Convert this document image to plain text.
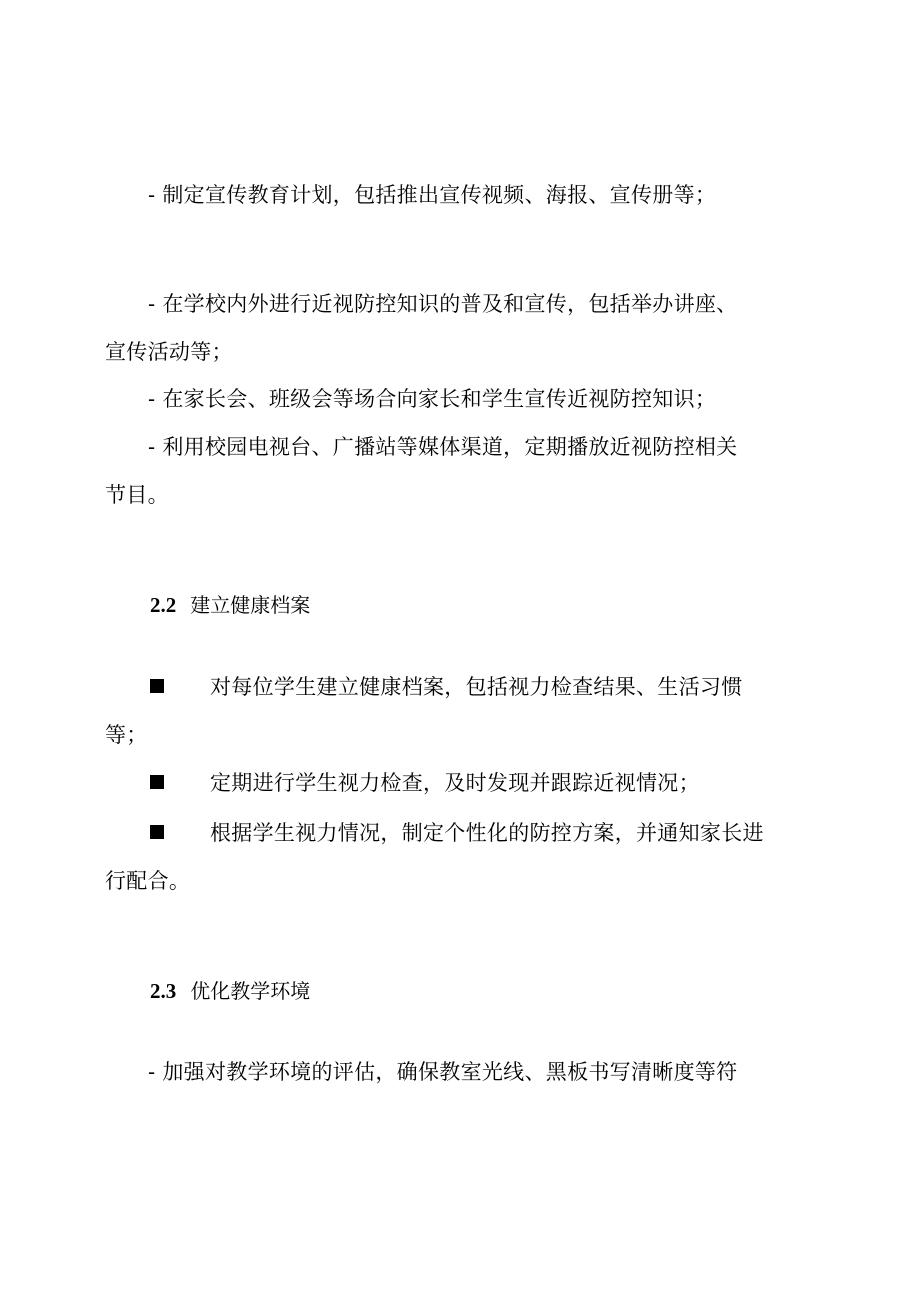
- 制定宣传教育计划，包括推出宣传视频、海报、宣传册等；
- 在学校内外进行近视防控知识的普及和宣传，包括举办讲座、
宣传活动等；
- 在家长会、班级会等场合向家长和学生宣传近视防控知识；
- 利用校园电视台、广播站等媒体渠道，定期播放近视防控相关
节目。
2.2 建立健康档案
对每位学生建立健康档案，包括视力检查结果、生活习惯
等；
定期进行学生视力检查，及时发现并跟踪近视情况；
根据学生视力情况，制定个性化的防控方案，并通知家长进
行配合。
2.3 优化教学环境
- 加强对教学环境的评估，确保教室光线、黑板书写清晰度等符
